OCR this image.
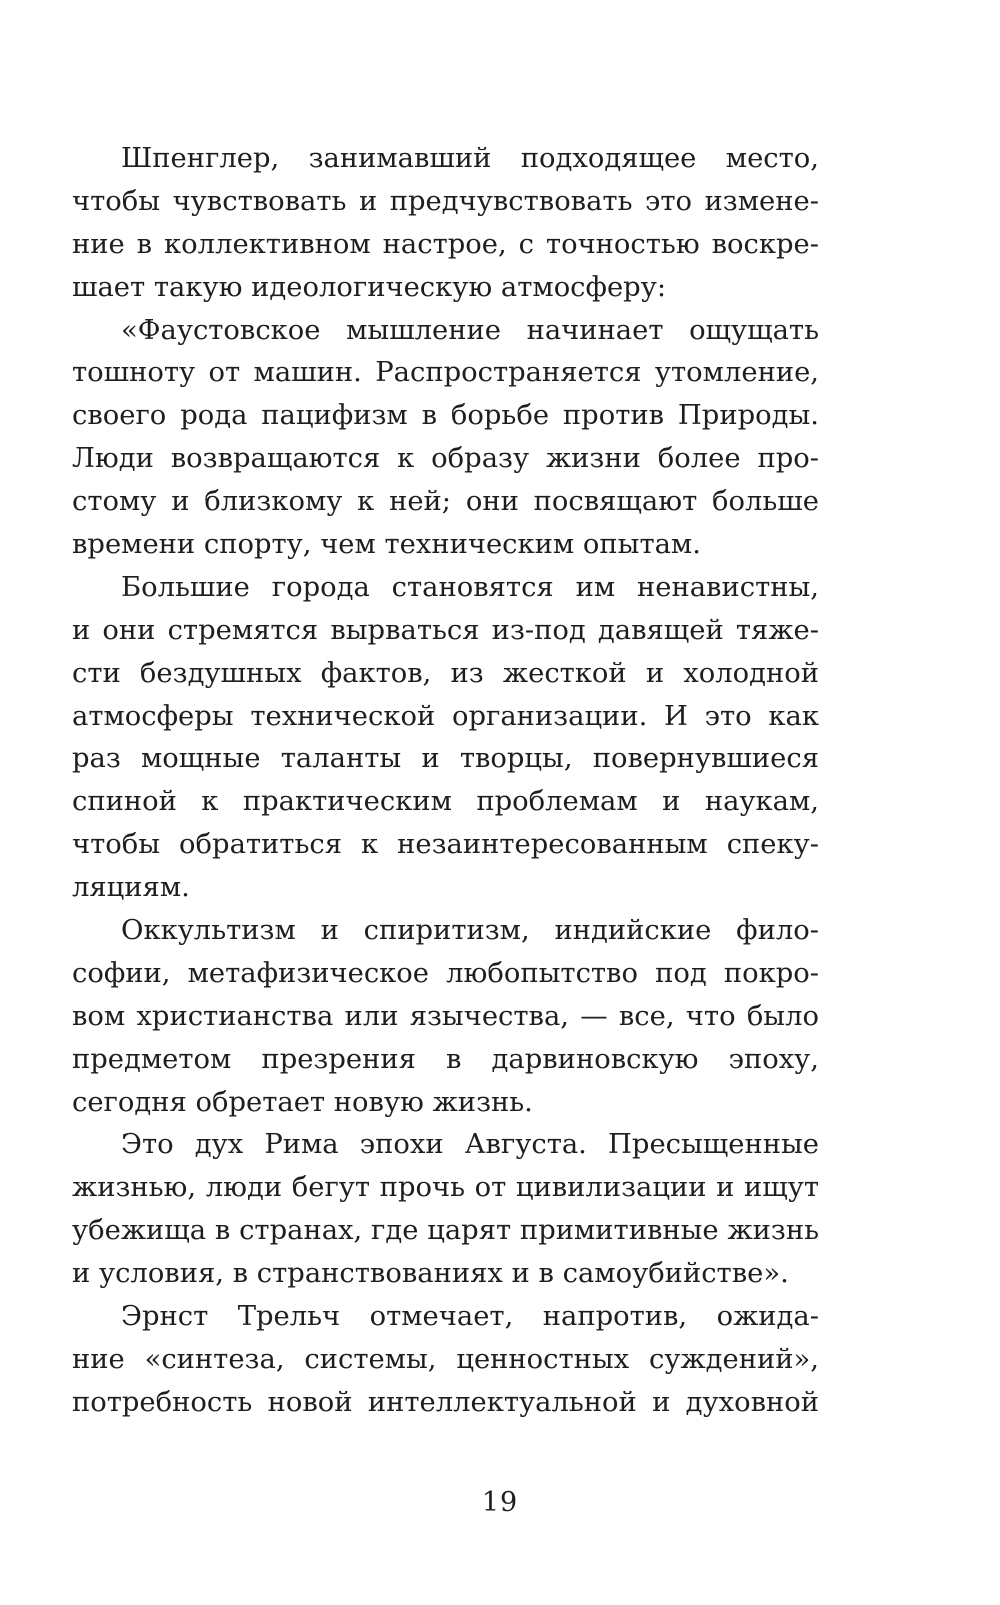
Шпенглер, занимавший подходящее место,
чтобы чувствовать и предчувствовать это измене-
ние в коллективном настрое, с точностью воскре-
шает такую идеологическую атмосферу:
«Фаустовское мышление начинает ощущать
тошноту от машин. Распространяется утомление,
своего рода пацифизм в борьбе против Природы.
Люди возвращаются к образу жизни более про-
стому и близкому к ней; они посвящают больше
времени спорту, чем техническим опытам.
Большие города становятся им ненавистны,
и они стремятся вырваться из-под давящей тяже-
сти бездушных фактов, из жесткой и холодной
атмосферы технической организации. И это как
раз мощные таланты и творцы, повернувшиеся
спиной к практическим проблемам и наукам,
чтобы обратиться к незаинтересованным спеку-
ляциям.
Оккультизм и спиритизм, индийские фило-
софии, метафизическое любопытство под покро-
вом христианства или язычества, — все, что было
предметом презрения в дарвиновскую эпоху,
сегодня обретает новую жизнь.
Это дух Рима эпохи Августа. Пресыщенные
жизнью, люди бегут прочь от цивилизации и ищут
убежища в странах, где царят примитивные жизнь
и условия, в странствованиях и в самоубийстве».
Эрнст Трельч отмечает, напротив, ожида-
ние «синтеза, системы, ценностных суждений»,
потребность новой интеллектуальной и духовной
19
